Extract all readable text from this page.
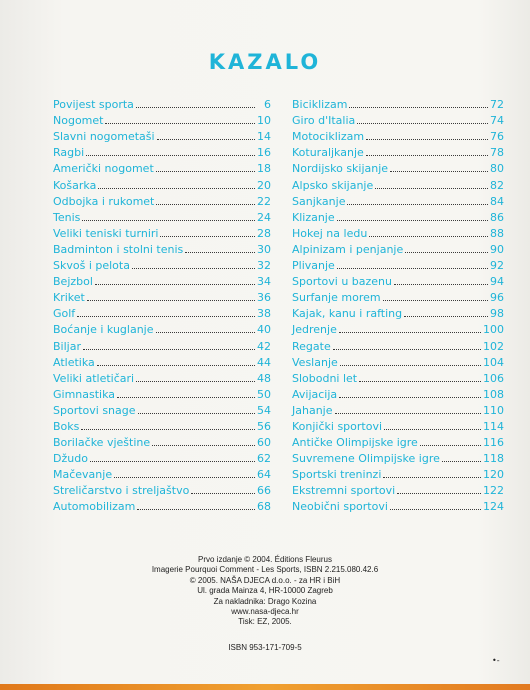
KAZALO
Povijest sporta	6
Nogomet	10
Slavni nogometaši	14
Ragbi	16
Američki nogomet	18
Košarka	20
Odbojka i rukomet	22
Tenis	24
Veliki teniski turniri	28
Badminton i stolni tenis	30
Skvoš i pelota	32
Bejzbol	34
Kriket	36
Golf	38
Boćanje i kuglanje	40
Biljar	42
Atletika	44
Veliki atletičari	48
Gimnastika	50
Sportovi snage	54
Boks	56
Borilačke vještine	60
Džudo	62
Mačevanje	64
Streličarstvo i streljaštvo	66
Automobilizam	68
Biciklizam	72
Giro d'Italia	74
Motociklizam	76
Koturaljkanje	78
Nordijsko skijanje	80
Alpsko skijanje	82
Sanjkanje	84
Klizanje	86
Hokej na ledu	88
Alpinizam i penjanje	90
Plivanje	92
Sportovi u bazenu	94
Surfanje morem	96
Kajak, kanu i rafting	98
Jedrenje	100
Regate	102
Veslanje	104
Slobodni let	106
Avijacija	108
Jahanje	110
Konjički sportovi	114
Antičke Olimpijske igre	116
Suvremene Olimpijske igre	118
Sportski treninzi	120
Ekstremni sportovi	122
Neobični sportovi	124
Prvo izdanje © 2004. Éditions Fleurus
Imagerie Pourquoi Comment - Les Sports, ISBN 2.215.080.42.6
© 2005. NAŠA DJECA d.o.o. - za HR i BiH
Ul. grada Mainza 4, HR-10000 Zagreb
Za nakladnika: Drago Kozina
www.nasa-djeca.hr
Tisk: EZ, 2005.
ISBN 953-171-709-5
•-
